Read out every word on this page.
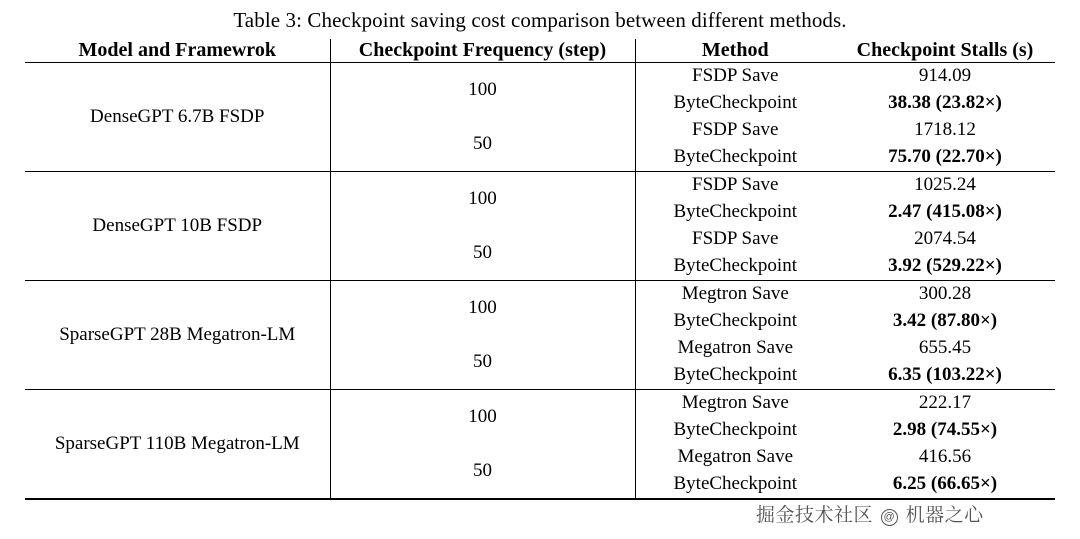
Table 3: Checkpoint saving cost comparison between different methods.
Model and Framewrok	Checkpoint Frequency (step)	Method	Checkpoint Stalls (s)
DenseGPT 6.7B FSDP	100	FSDP Save	914.09
		ByteCheckpoint	38.38 (23.82×)
	50	FSDP Save	1718.12
		ByteCheckpoint	75.70 (22.70×)
DenseGPT 10B FSDP	100	FSDP Save	1025.24
		ByteCheckpoint	2.47 (415.08×)
	50	FSDP Save	2074.54
		ByteCheckpoint	3.92 (529.22×)
SparseGPT 28B Megatron-LM	100	Megtron Save	300.28
		ByteCheckpoint	3.42 (87.80×)
	50	Megatron Save	655.45
		ByteCheckpoint	6.35 (103.22×)
SparseGPT 110B Megatron-LM	100	Megtron Save	222.17
		ByteCheckpoint	2.98 (74.55×)
	50	Megatron Save	416.56
		ByteCheckpoint	6.25 (66.65×)

掘金技术社区 @ 机器之心
